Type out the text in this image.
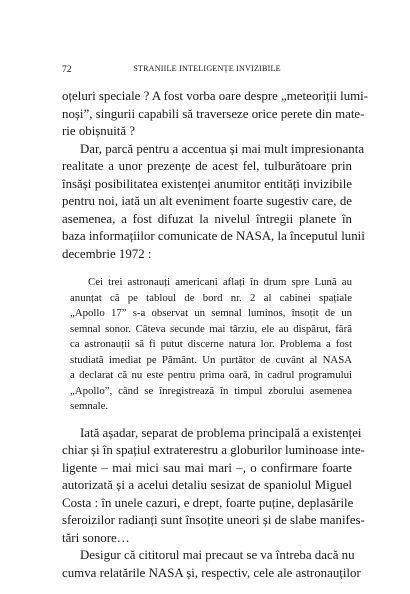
72	STRANIILE INTELIGENȚE INVIZIBILE
oțeluri speciale ? A fost vorba oare despre „meteoriții lumi-
noși”, singurii capabili să traverseze orice perete din mate-
rie obișnuită ?
Dar, parcă pentru a accentua și mai mult impresionanta
realitate a unor prezențe de acest fel, tulburătoare prin
însăși posibilitatea existenței anumitor entități invizibile
pentru noi, iată un alt eveniment foarte sugestiv care, de
asemenea, a fost difuzat la nivelul întregii planete în
baza informațiilor comunicate de NASA, la începutul lunii
decembrie 1972 :
Cei trei astronauți americani aflați în drum spre Lună au
anunțat că pe tabloul de bord nr. 2 al cabinei spațiale
„Apollo 17” s-a observat un semnal luminos, însoțit de un
semnal sonor. Câteva secunde mai târziu, ele au dispărut, fără
ca astronauții să fi putut discerne natura lor. Problema a fost
studiată imediat pe Pământ. Un purtător de cuvânt al NASA
a declarat că nu este pentru prima oară, în cadrul programului
„Apollo”, când se înregistrează în timpul zborului asemenea
semnale.
Iată așadar, separat de problema principală a existenței
chiar și în spațiul extraterestru a globurilor luminoase inte-
ligente – mai mici sau mai mari –, o confirmare foarte
autorizată și a acelui detaliu sesizat de spaniolul Miguel
Costa : în unele cazuri, e drept, foarte puține, deplasările
sferoizilor radianți sunt însoțite uneori și de slabe manifes-
tări sonore…
Desigur că cititorul mai precaut se va întreba dacă nu
cumva relatările NASA și, respectiv, cele ale astronauților
